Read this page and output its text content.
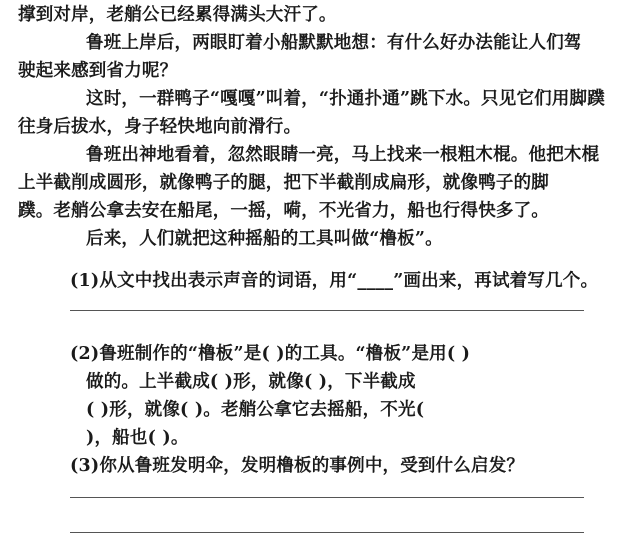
撑到对岸，老艄公已经累得满头大汗了。
鲁班上岸后，两眼盯着小船默默地想：有什么好办法能让人们驾
驶起来感到省力呢？
这时，一群鸭子“嘎嘎”叫着，“扑通扑通”跳下水。只见它们用脚蹼
往身后拔水，身子轻快地向前滑行。
鲁班出神地看着，忽然眼睛一亮，马上找来一根粗木棍。他把木棍
上半截削成圆形，就像鸭子的腿，把下半截削成扁形，就像鸭子的脚
蹼。老艄公拿去安在船尾，一摇，嗬，不光省力，船也行得快多了。
后来，人们就把这种摇船的工具叫做“橹板”。
(1)从文中找出表示声音的词语，用“____”画出来，再试着写几个。
(2)鲁班制作的“橹板”是( )的工具。“橹板”是用( )
做的。上半截成( )形，就像( )，下半截成
( )形，就像( )。老艄公拿它去摇船，不光(
)，船也( )。
(3)你从鲁班发明伞，发明橹板的事例中，受到什么启发？
